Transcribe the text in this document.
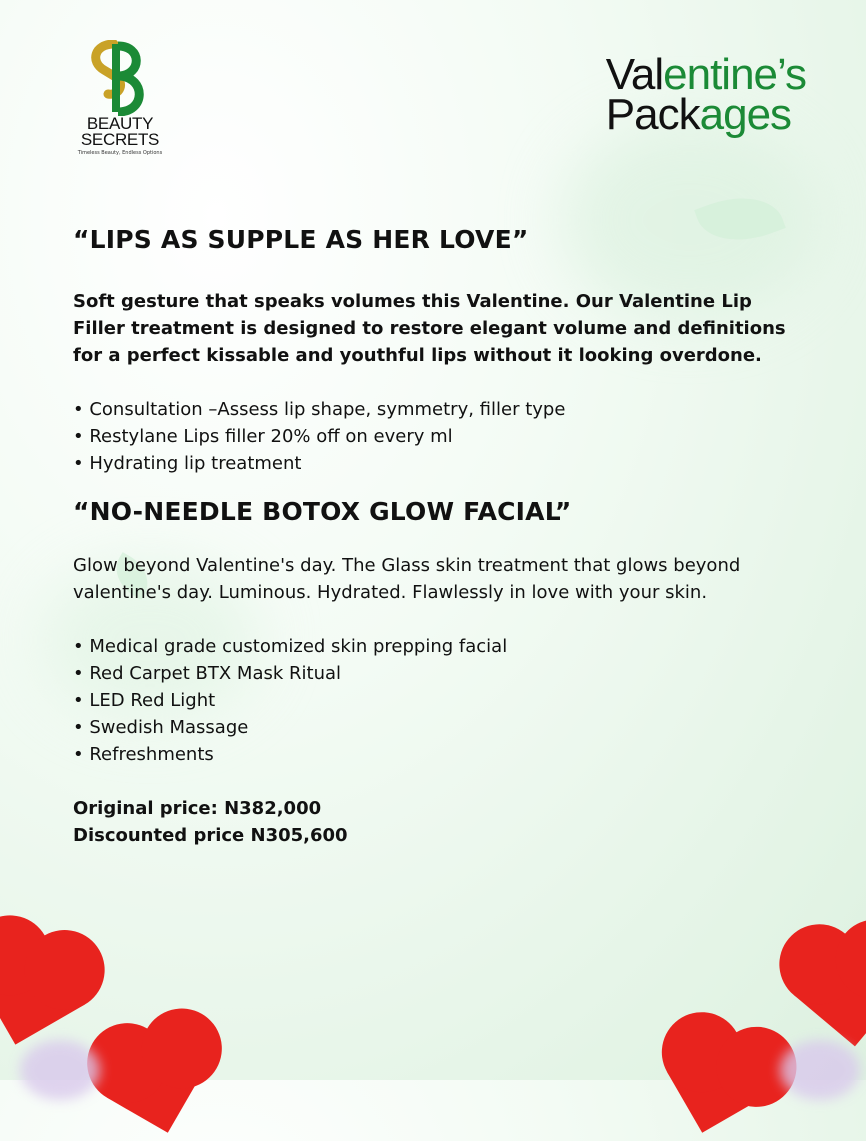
BEAUTY
SECRETS
Timeless Beauty, Endless Options
Valentine’s
Packages
“LIPS AS SUPPLE AS HER LOVE”

Soft gesture that speaks volumes this Valentine. Our Valentine Lip Filler treatment is designed to restore elegant volume and definitions for a perfect kissable and youthful lips without it looking overdone.

• Consultation –Assess lip shape, symmetry, filler type
• Restylane Lips filler 20% off on every ml
• Hydrating lip treatment
“NO-NEEDLE BOTOX GLOW FACIAL”

Glow beyond Valentine's day. The Glass skin treatment that glows beyond valentine's day. Luminous. Hydrated. Flawlessly in love with your skin.

• Medical grade customized skin prepping facial
• Red Carpet BTX Mask Ritual
• LED Red Light
• Swedish Massage
• Refreshments

Original price: N382,000

Discounted price N305,600
